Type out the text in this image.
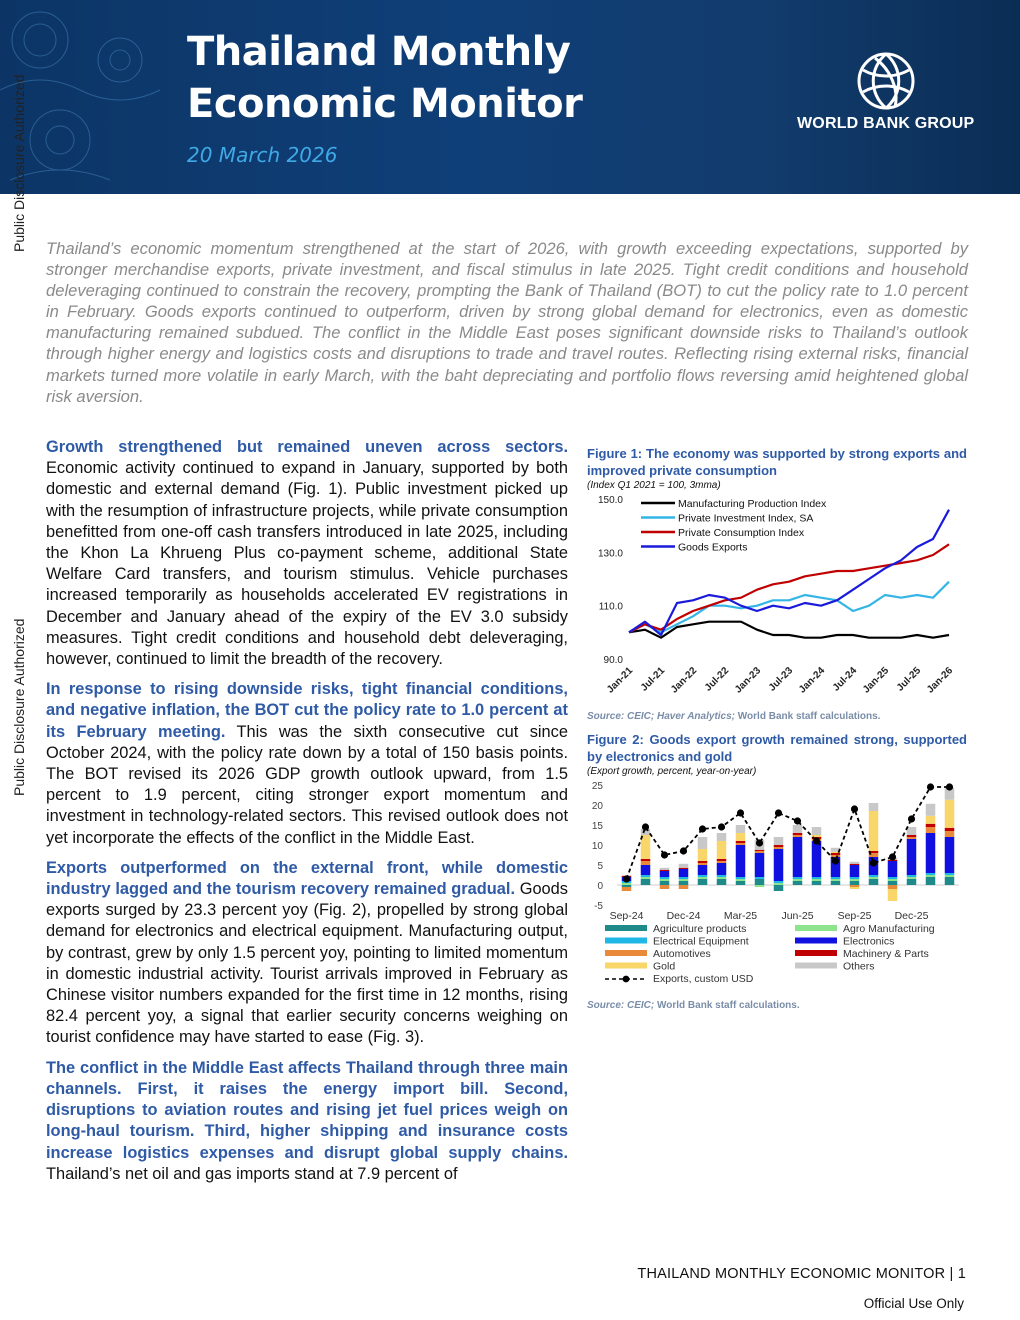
Thailand Monthly
Economic Monitor
20 March 2026
WORLD BANK GROUP
Public Disclosure Authorized
Public Disclosure Authorized
Thailand’s economic momentum strengthened at the start of 2026, with growth exceeding expectations, supported by stronger merchandise exports, private investment, and fiscal stimulus in late 2025. Tight credit conditions and household deleveraging continued to constrain the recovery, prompting the Bank of Thailand (BOT) to cut the policy rate to 1.0 percent in February. Goods exports continued to outperform, driven by strong global demand for electronics, even as domestic manufacturing remained subdued. The conflict in the Middle East poses significant downside risks to Thailand’s outlook through higher energy and logistics costs and disruptions to trade and travel routes. Reflecting rising external risks, financial markets turned more volatile in early March, with the baht depreciating and portfolio flows reversing amid heightened global risk aversion.

Growth strengthened but remained uneven across sectors. Economic activity continued to expand in January, supported by both domestic and external demand (Fig. 1). Public investment picked up with the resumption of infrastructure projects, while private consumption benefitted from one-off cash transfers introduced in late 2025, including the Khon La Khrueng Plus co-payment scheme, additional State Welfare Card transfers, and tourism stimulus. Vehicle purchases increased temporarily as households accelerated EV registrations in December and January ahead of the expiry of the EV 3.0 subsidy measures. Tight credit conditions and household debt deleveraging, however, continued to limit the breadth of the recovery.

In response to rising downside risks, tight financial conditions, and negative inflation, the BOT cut the policy rate to 1.0 percent at its February meeting. This was the sixth consecutive cut since October 2024, with the policy rate down by a total of 150 basis points. The BOT revised its 2026 GDP growth outlook upward, from 1.5 percent to 1.9 percent, citing stronger export momentum and investment in technology-related sectors. This revised outlook does not yet incorporate the effects of the conflict in the Middle East.

Exports outperformed on the external front, while domestic industry lagged and the tourism recovery remained gradual. Goods exports surged by 23.3 percent yoy (Fig. 2), propelled by strong global demand for electronics and electrical equipment. Manufacturing output, by contrast, grew by only 1.5 percent yoy, pointing to limited momentum in domestic industrial activity. Tourist arrivals improved in February as Chinese visitor numbers expanded for the first time in 12 months, rising 82.4 percent yoy, a signal that earlier security concerns weighing on tourist confidence may have started to ease (Fig. 3).

The conflict in the Middle East affects Thailand through three main channels. First, it raises the energy import bill. Second, disruptions to aviation routes and rising jet fuel prices weigh on long-haul tourism. Third, higher shipping and insurance costs increase logistics expenses and disrupt global supply chains. Thailand’s net oil and gas imports stand at 7.9 percent of

Figure 1: The economy was supported by strong exports and improved private consumption
(Index Q1 2021 = 100, 3mma)
150.0
130.0
110.0
90.0
Jan-21 Jul-21 Jan-22 Jul-22 Jan-23 Jul-23 Jan-24 Jul-24 Jan-25 Jul-25 Jan-26
Manufacturing Production Index
Private Investment Index, SA
Private Consumption Index
Goods Exports
Source: CEIC; Haver Analytics; World Bank staff calculations.
Figure 2: Goods export growth remained strong, supported by electronics and gold
(Export growth, percent, year-on-year)
25
20
15
10
5
0
-5
Sep-24 Dec-24 Mar-25 Jun-25 Sep-25 Dec-25
Agriculture products	Agro Manufacturing
Electrical Equipment	Electronics
Automotives	Machinery & Parts
Gold	Others
Exports, custom USD
Source: CEIC; World Bank staff calculations.
THAILAND MONTHLY ECONOMIC MONITOR | 1
Official Use Only
